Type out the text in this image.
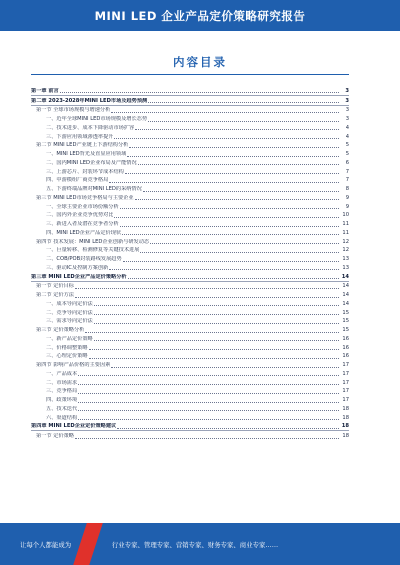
MINI LED 企业产品定价策略研究报告
内容目录
第一章 前言	3
第二章 2023-2028年MINI LED市场及趋势预测	3
第一节 全球市场规模与增速分析	3
一、近年全球MINI LED市场规模及增长态势	3
二、技术进步、成本下降驱动市场扩容	4
三、下游应用领域渗透率提升	4
第二节 MINI LED产业链上下游结构分析	5
一、MINI LED背光及直显应用领域	5
二、国内MINI LED企业布局及产能情况	6
三、上游芯片、封装环节成本结构	7
四、中游模组厂商竞争格局	7
五、下游终端品牌对MINI LED的采纳情况	8
第三节 MINI LED市场竞争格局与主要企业	9
一、全球主要企业市场份额分析	9
二、国内外企业竞争优势对比	10
三、新进入者及潜在竞争者分析	11
四、MINI LED企业产品定价现状	11
第四节 技术发展：MINI LED企业创新与研发动态	12
一、巨量转移、检测修复等关键技术进展	12
二、COB/POB封装路线发展趋势	13
三、驱动IC及控制方案创新	13
第三章 MINI LED企业产品定价策略分析	14
第一节 定价目标	14
第二节 定价方法	14
一、成本导向定价法	14
二、竞争导向定价法	15
三、需求导向定价法	15
第三节 定价策略分析	15
一、新产品定价策略	16
二、价格调整策略	16
三、心理定价策略	16
第四节 影响产品价格的主要因素	17
一、产品成本	17
二、市场需求	17
三、竞争格局	17
四、政策环境	17
五、技术迭代	18
六、渠道结构	18
第四章 MINI LED企业定价策略建议	18
第一节 定价策略	18
让每个人都能成为	行业专家、管理专家、营销专家、财务专家、商业专家……
